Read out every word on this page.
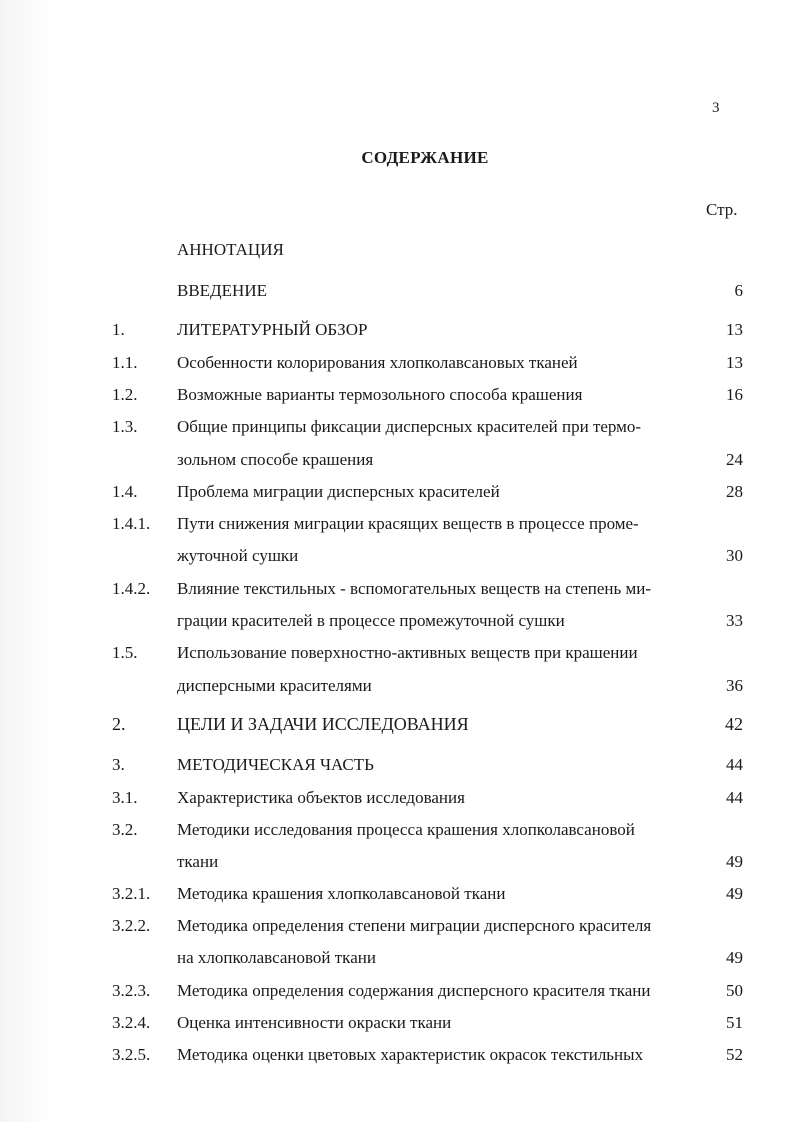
3
СОДЕРЖАНИЕ
Стр.
АННОТАЦИЯ
ВВЕДЕНИЕ	6
1.	ЛИТЕРАТУРНЫЙ ОБЗОР	13
1.1. Особенности колорирования хлопколавсановых тканей	13
1.2. Возможные варианты термозольного способа крашения	16
1.3. Общие принципы фиксации дисперсных красителей при термо-
зольном способе крашения	24
1.4. Проблема миграции дисперсных красителей	28
1.4.1. Пути снижения миграции красящих веществ в процессе проме-
жуточной сушки	30
1.4.2. Влияние текстильных - вспомогательных веществ на степень ми-
грации красителей в процессе промежуточной сушки	33
1.5. Использование поверхностно-активных веществ при крашении
дисперсными красителями	36
2.	ЦЕЛИ И ЗАДАЧИ ИССЛЕДОВАНИЯ	42
3.	МЕТОДИЧЕСКАЯ ЧАСТЬ	44
3.1. Характеристика объектов исследования	44
3.2. Методики исследования процесса крашения хлопколавсановой
ткани	49
3.2.1. Методика крашения хлопколавсановой ткани	49
3.2.2. Методика определения степени миграции дисперсного красителя
на хлопколавсановой ткани	49
3.2.3. Методика определения содержания дисперсного красителя ткани	50
3.2.4. Оценка интенсивности окраски ткани	51
3.2.5. Методика оценки цветовых характеристик окрасок текстильных	52
